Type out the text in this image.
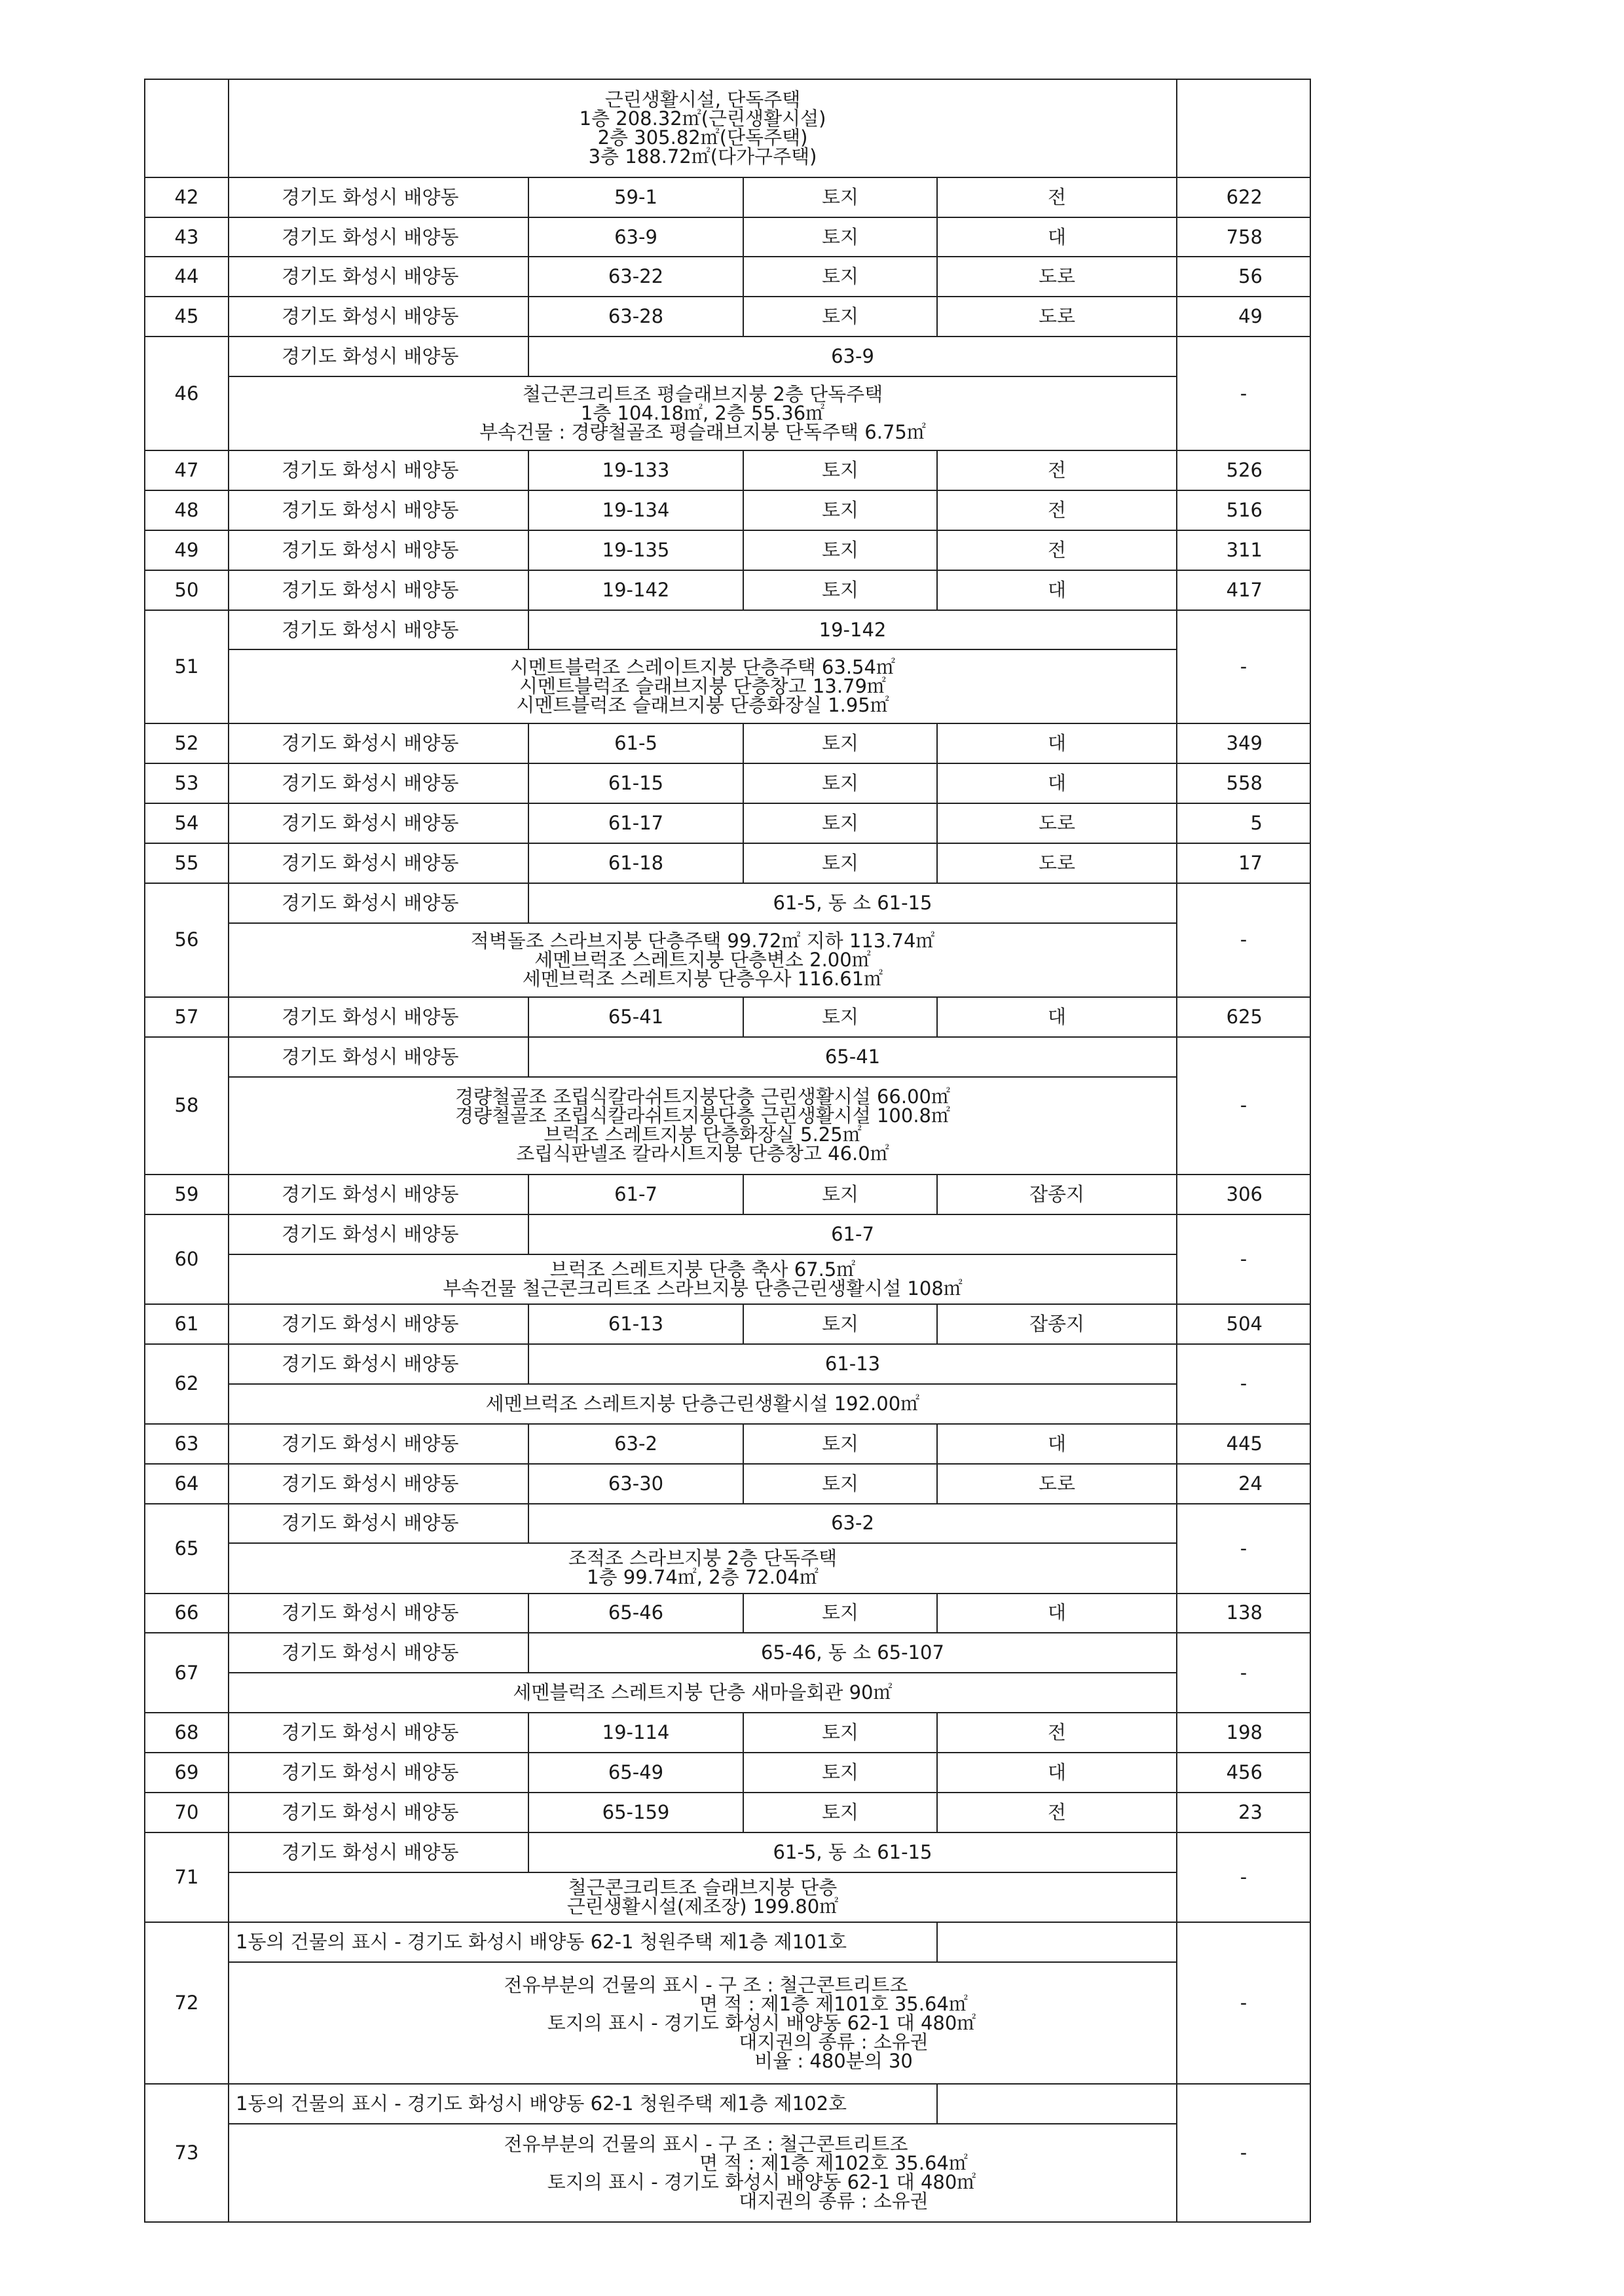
	근린생활시설, 단독주택
1층 208.32㎡(근린생활시설)
2층 305.82㎡(단독주택)
3층 188.72㎡(다가구주택)				

42	경기도 화성시 배양동	59-1	토지	전	622
43	경기도 화성시 배양동	63-9	토지	대	758
44	경기도 화성시 배양동	63-22	토지	도로	56
45	경기도 화성시 배양동	63-28	토지	도로	49
46	경기도 화성시 배양동	63-9			-

	철근콘크리트조 평슬래브지붕 2층 단독주택
1층 104.18㎡, 2층 55.36㎡
부속건물 : 경량철골조 평슬래브지붕 단독주택 6.75㎡				

47	경기도 화성시 배양동	19-133	토지	전	526
48	경기도 화성시 배양동	19-134	토지	전	516
49	경기도 화성시 배양동	19-135	토지	전	311
50	경기도 화성시 배양동	19-142	토지	대	417
51	경기도 화성시 배양동	19-142			-

	시멘트블럭조 스레이트지붕 단층주택 63.54㎡
시멘트블럭조 슬래브지붕 단층창고 13.79㎡
시멘트블럭조 슬래브지붕 단층화장실 1.95㎡				

52	경기도 화성시 배양동	61-5	토지	대	349
53	경기도 화성시 배양동	61-15	토지	대	558
54	경기도 화성시 배양동	61-17	토지	도로	5
55	경기도 화성시 배양동	61-18	토지	도로	17
56	경기도 화성시 배양동	61-5, 동 소 61-15			-

	적벽돌조 스라브지붕 단층주택 99.72㎡ 지하 113.74㎡
세멘브럭조 스레트지붕 단층변소 2.00㎡
세멘브럭조 스레트지붕 단층우사 116.61㎡				

57	경기도 화성시 배양동	65-41	토지	대	625
58	경기도 화성시 배양동	65-41			-

	경량철골조 조립식칼라쉬트지붕단층 근린생활시설 66.00㎡
경량철골조 조립식칼라쉬트지붕단층 근린생활시설 100.8㎡
브럭조 스레트지붕 단층화장실 5.25㎡
조립식판넬조 칼라시트지붕 단층창고 46.0㎡				

59	경기도 화성시 배양동	61-7	토지	잡종지	306
60	경기도 화성시 배양동	61-7			-

	브럭조 스레트지붕 단층 축사 67.5㎡
부속건물 철근콘크리트조 스라브지붕 단층근린생활시설 108㎡				

61	경기도 화성시 배양동	61-13	토지	잡종지	504
62	경기도 화성시 배양동	61-13			-

	세멘브럭조 스레트지붕 단층근린생활시설 192.00㎡				

63	경기도 화성시 배양동	63-2	토지	대	445
64	경기도 화성시 배양동	63-30	토지	도로	24
65	경기도 화성시 배양동	63-2			-

	조적조 스라브지붕 2층 단독주택
1층 99.74㎡, 2층 72.04㎡				

66	경기도 화성시 배양동	65-46	토지	대	138
67	경기도 화성시 배양동	65-46, 동 소 65-107			-

	세멘블럭조 스레트지붕 단층 새마을회관 90㎡				

68	경기도 화성시 배양동	19-114	토지	전	198
69	경기도 화성시 배양동	65-49	토지	대	456
70	경기도 화성시 배양동	65-159	토지	전	23
71	경기도 화성시 배양동	61-5, 동 소 61-15			-

	철근콘크리트조 슬래브지붕 단층
근린생활시설(제조장) 199.80㎡				

72	1동의 건물의 표시 - 경기도 화성시 배양동 62-1 청원주택 제1층 제101호				-

	전유부분의 건물의 표시 - 구 조 : 철근콘트리트조
면 적 : 제1층 제101호 35.64㎡
토지의 표시 - 경기도 화성시 배양동 62-1 대 480㎡
대지권의 종류 : 소유권
비율 : 480분의 30				

73	1동의 건물의 표시 - 경기도 화성시 배양동 62-1 청원주택 제1층 제102호				-

	전유부분의 건물의 표시 - 구 조 : 철근콘트리트조
면 적 : 제1층 제102호 35.64㎡
토지의 표시 - 경기도 화성시 배양동 62-1 대 480㎡
대지권의 종류 : 소유권				
